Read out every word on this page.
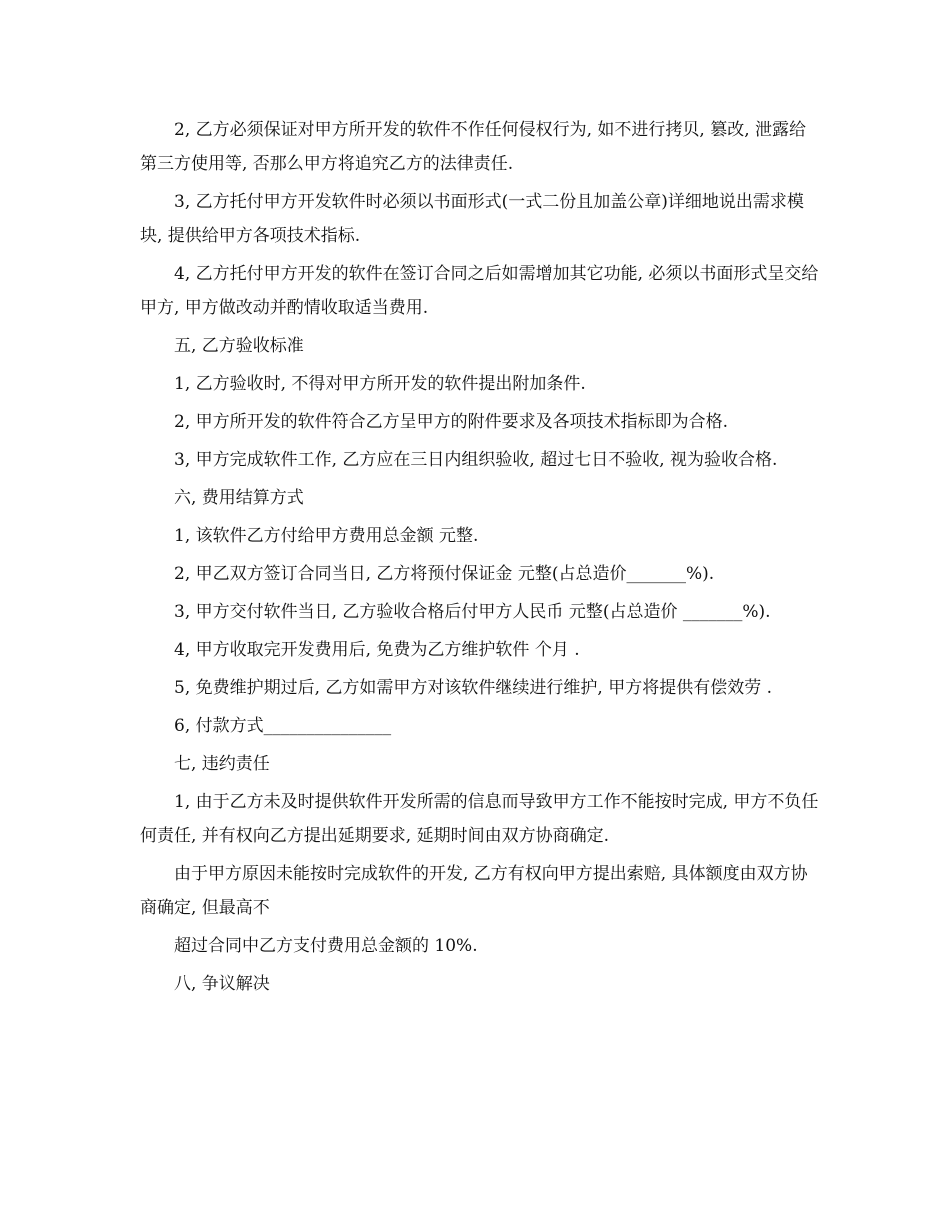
2, 乙方必须保证对甲方所开发的软件不作任何侵权行为, 如不进行拷贝, 篡改, 泄露给第三方使用等, 否那么甲方将追究乙方的法律责任.

3, 乙方托付甲方开发软件时必须以书面形式(一式二份且加盖公章)详细地说出需求模块, 提供给甲方各项技术指标.

4, 乙方托付甲方开发的软件在签订合同之后如需增加其它功能, 必须以书面形式呈交给甲方, 甲方做改动并酌情收取适当费用.

五, 乙方验收标准

1, 乙方验收时, 不得对甲方所开发的软件提出附加条件.

2, 甲方所开发的软件符合乙方呈甲方的附件要求及各项技术指标即为合格.

3, 甲方完成软件工作, 乙方应在三日内组织验收, 超过七日不验收, 视为验收合格.

六, 费用结算方式

1, 该软件乙方付给甲方费用总金额 元整.

2, 甲乙双方签订合同当日, 乙方将预付保证金 元整(占总造价_______%).

3, 甲方交付软件当日, 乙方验收合格后付甲方人民币 元整(占总造价 _______%).

4, 甲方收取完开发费用后, 免费为乙方维护软件 个月 .

5, 免费维护期过后, 乙方如需甲方对该软件继续进行维护, 甲方将提供有偿效劳 .

6, 付款方式_______________

七, 违约责任

1, 由于乙方未及时提供软件开发所需的信息而导致甲方工作不能按时完成, 甲方不负任何责任, 并有权向乙方提出延期要求, 延期时间由双方协商确定.

由于甲方原因未能按时完成软件的开发, 乙方有权向甲方提出索赔, 具体额度由双方协商确定, 但最高不

超过合同中乙方支付费用总金额的 10%.

八, 争议解决
